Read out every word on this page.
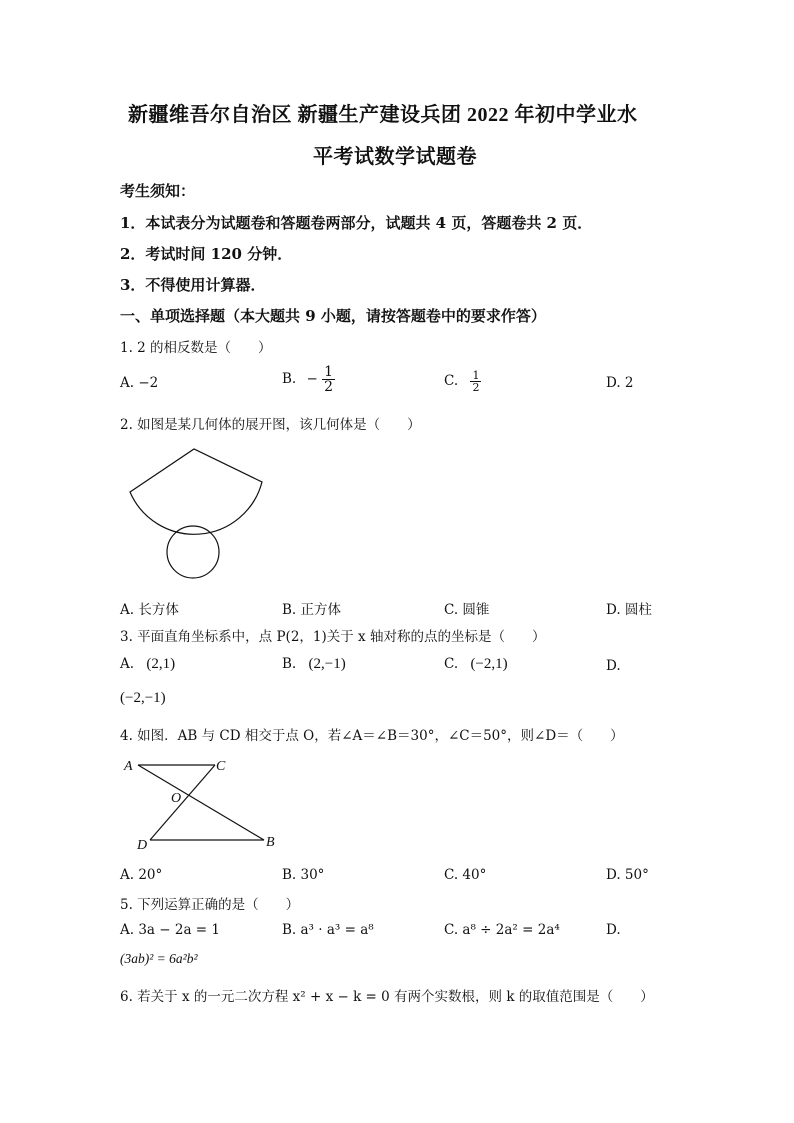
新疆维吾尔自治区 新疆生产建设兵团 2022 年初中学业水
平考试数学试题卷
考生须知：
1．本试表分为试题卷和答题卷两部分，试题共 4 页，答题卷共 2 页．
2．考试时间 120 分钟．
3．不得使用计算器．
一、单项选择题（本大题共 9 小题，请按答题卷中的要求作答）
1. 2 的相反数是（　　）
A. −2	B. − $\frac{1}{2}$	C. $\frac{1}{2}$	D. 2
2. 如图是某几何体的展开图，该几何体是（　　）
A. 长方体	B. 正方体	C. 圆锥	D. 圆柱
3. 平面直角坐标系中，点 P(2，1)关于 x 轴对称的点的坐标是（　　）
A. (2,1)	B. (2,−1)	C. (−2,1)	D.
(−2,−1)
4. 如图．AB 与 CD 相交于点 O，若∠A＝∠B＝30°，∠C＝50°，则∠D＝（　　）
A	C
O
D	B
A. 20°	B. 30°	C. 40°	D. 50°
5. 下列运算正确的是（　　）
A. 3a − 2a = 1	B. a³ · a³ = a⁸	C. a⁸ ÷ 2a² = 2a⁴	D.
(3ab)² = 6a²b²
6. 若关于 x 的一元二次方程 x² + x − k = 0 有两个实数根，则 k 的取值范围是（　　）
